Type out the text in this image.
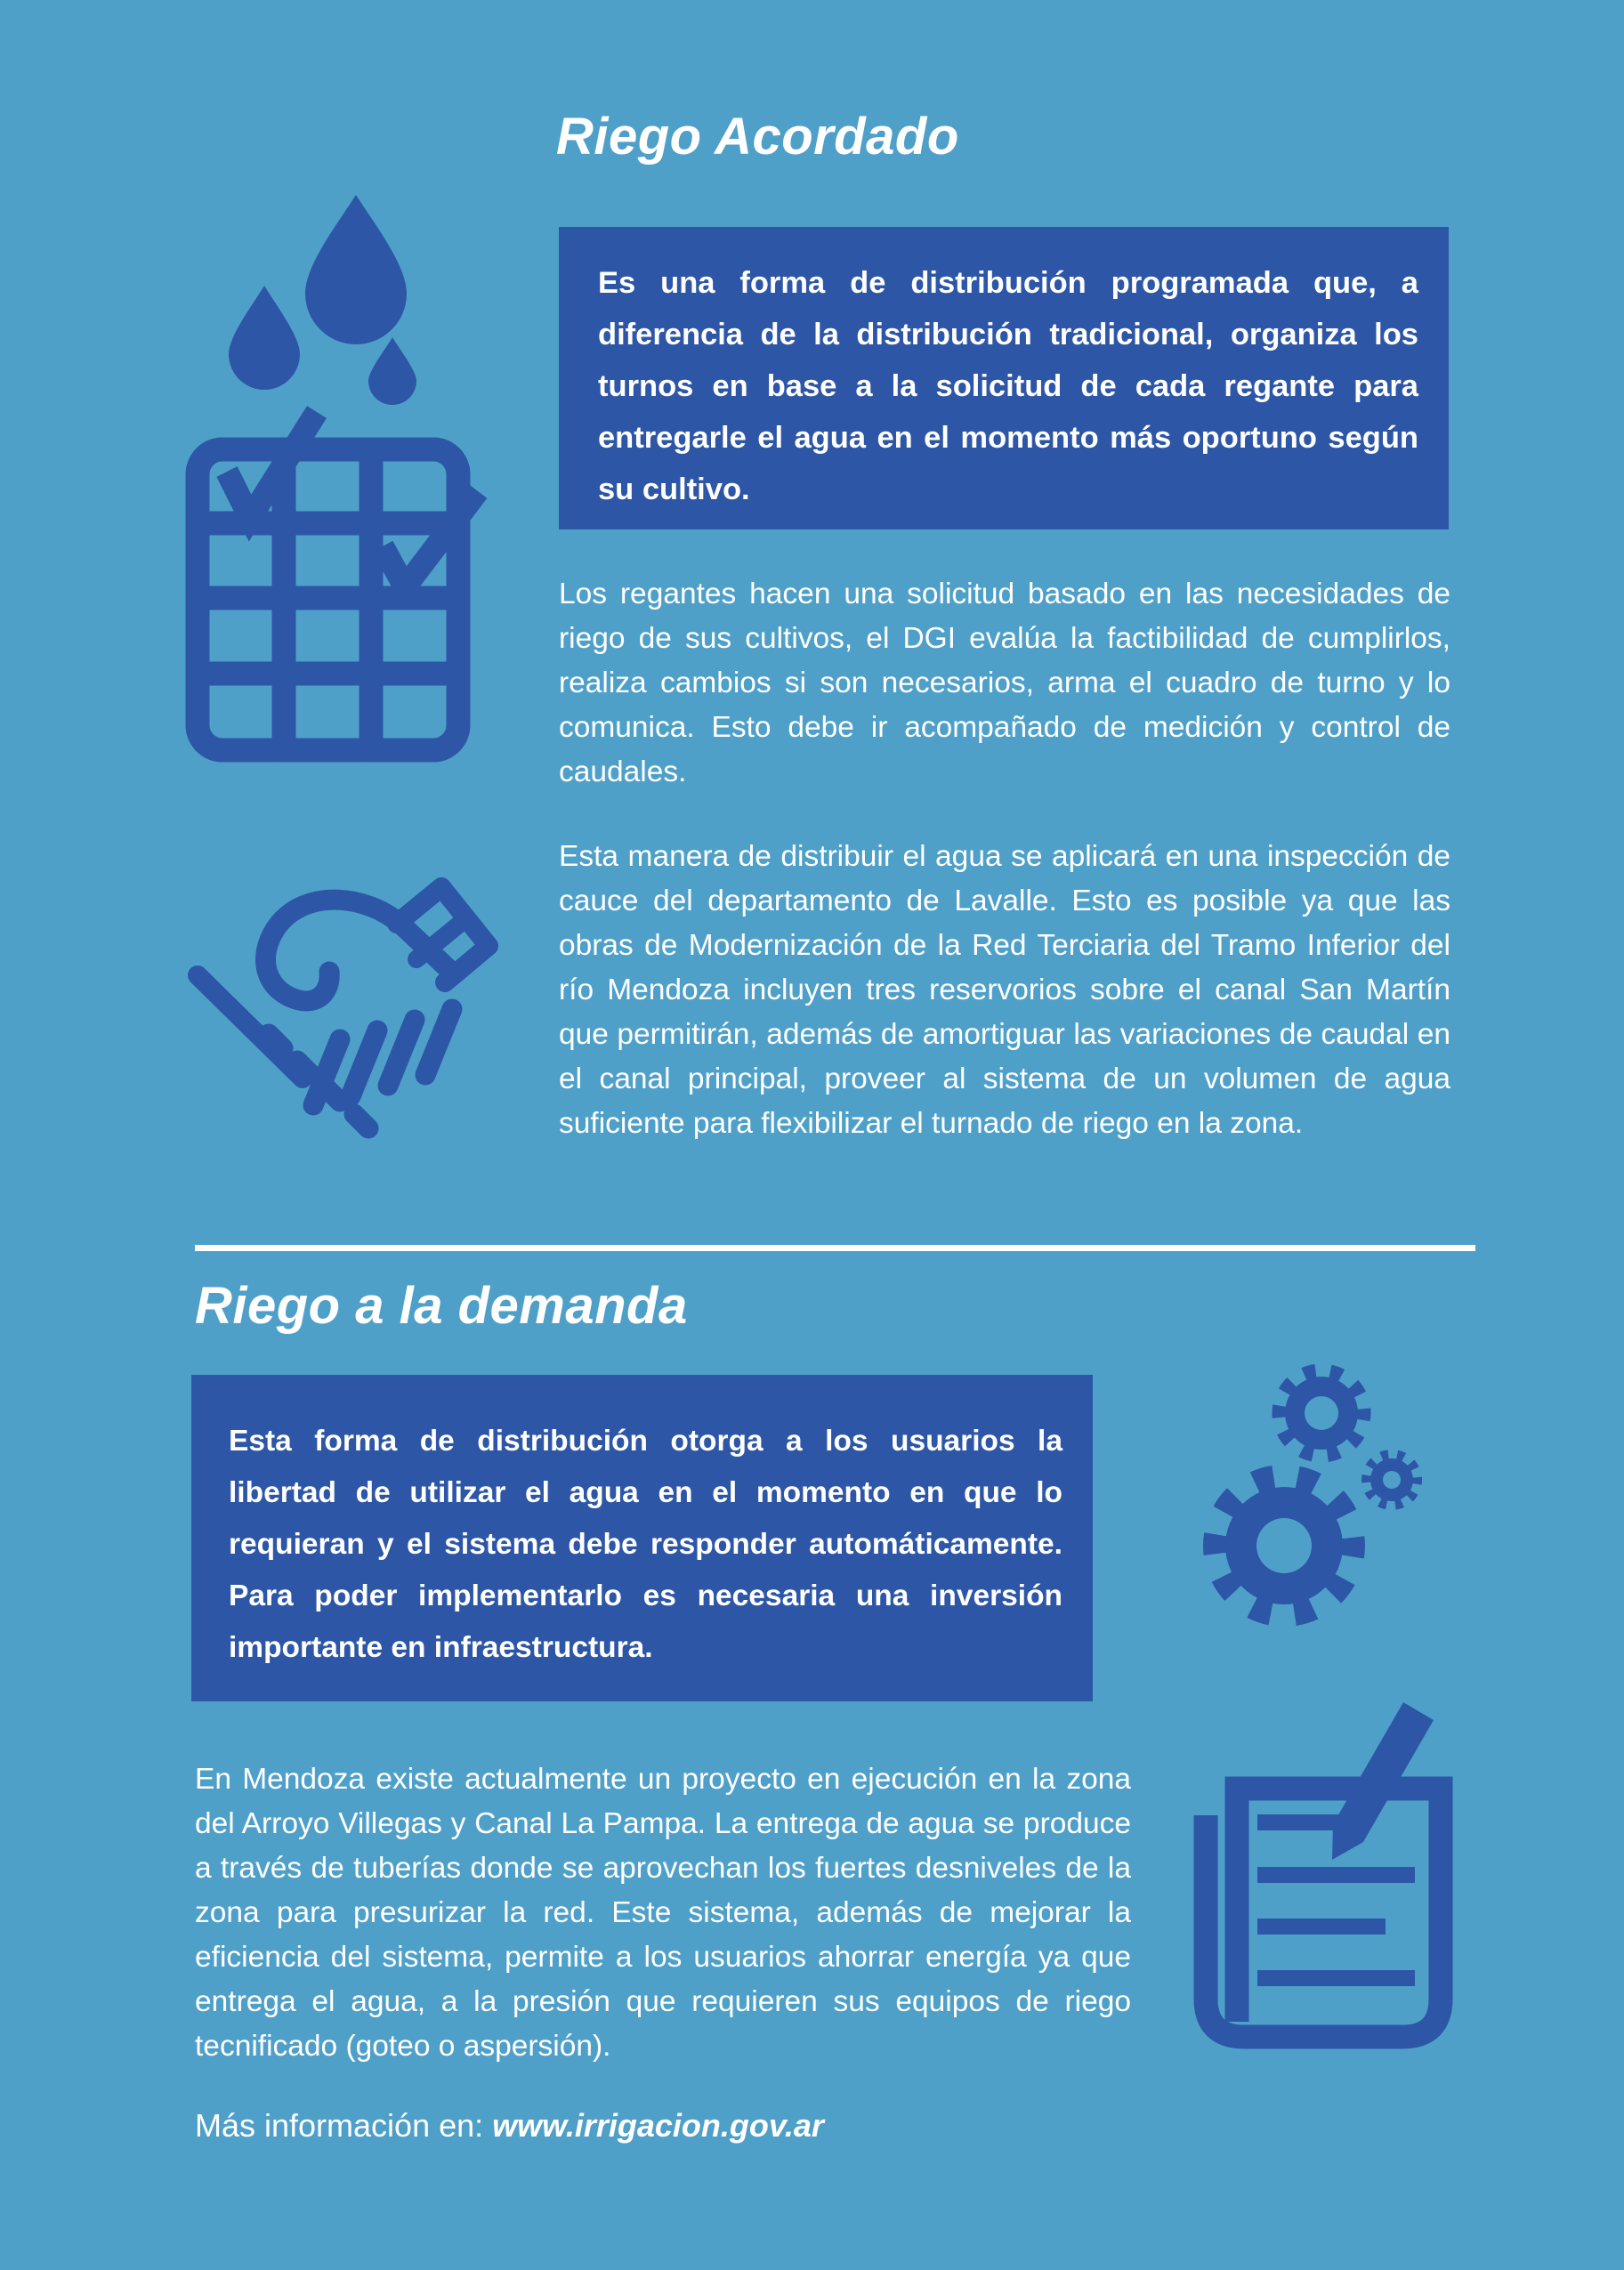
Riego Acordado
Es una forma de distribución programada que, a diferencia de la distribución tradicional, organiza los turnos en base a la solicitud de cada regante para entregarle el agua en el momento más oportuno según su cultivo.

Los regantes hacen una solicitud basado en las necesidades de riego de sus cultivos, el DGI evalúa la factibilidad de cumplirlos, realiza cambios si son necesarios, arma el cuadro de turno y lo comunica. Esto debe ir acompañado de medición y control de caudales.

Esta manera de distribuir el agua se aplicará en una inspección de cauce del departamento de Lavalle. Esto es posible ya que las obras de Modernización de la Red Terciaria del Tramo Inferior del río Mendoza incluyen tres reservorios sobre el canal San Martín que permitirán, además de amortiguar las variaciones de caudal en el canal principal, proveer al sistema de un volumen de agua suficiente para flexibilizar el turnado de riego en la zona.

Riego a la demanda
Esta forma de distribución otorga a los usuarios la libertad de utilizar el agua en el momento en que lo requieran y el sistema debe responder automáticamente. Para poder implementarlo es necesaria una inversión importante en infraestructura.

En Mendoza existe actualmente un proyecto en ejecución en la zona del Arroyo Villegas y Canal La Pampa. La entrega de agua se produce a través de tuberías donde se aprovechan los fuertes desniveles de la zona para presurizar la red. Este sistema, además de mejorar la eficiencia del sistema, permite a los usuarios ahorrar energía ya que entrega el agua, a la presión que requieren sus equipos de riego tecnificado (goteo o aspersión).

Más información en: www.irrigacion.gov.ar
